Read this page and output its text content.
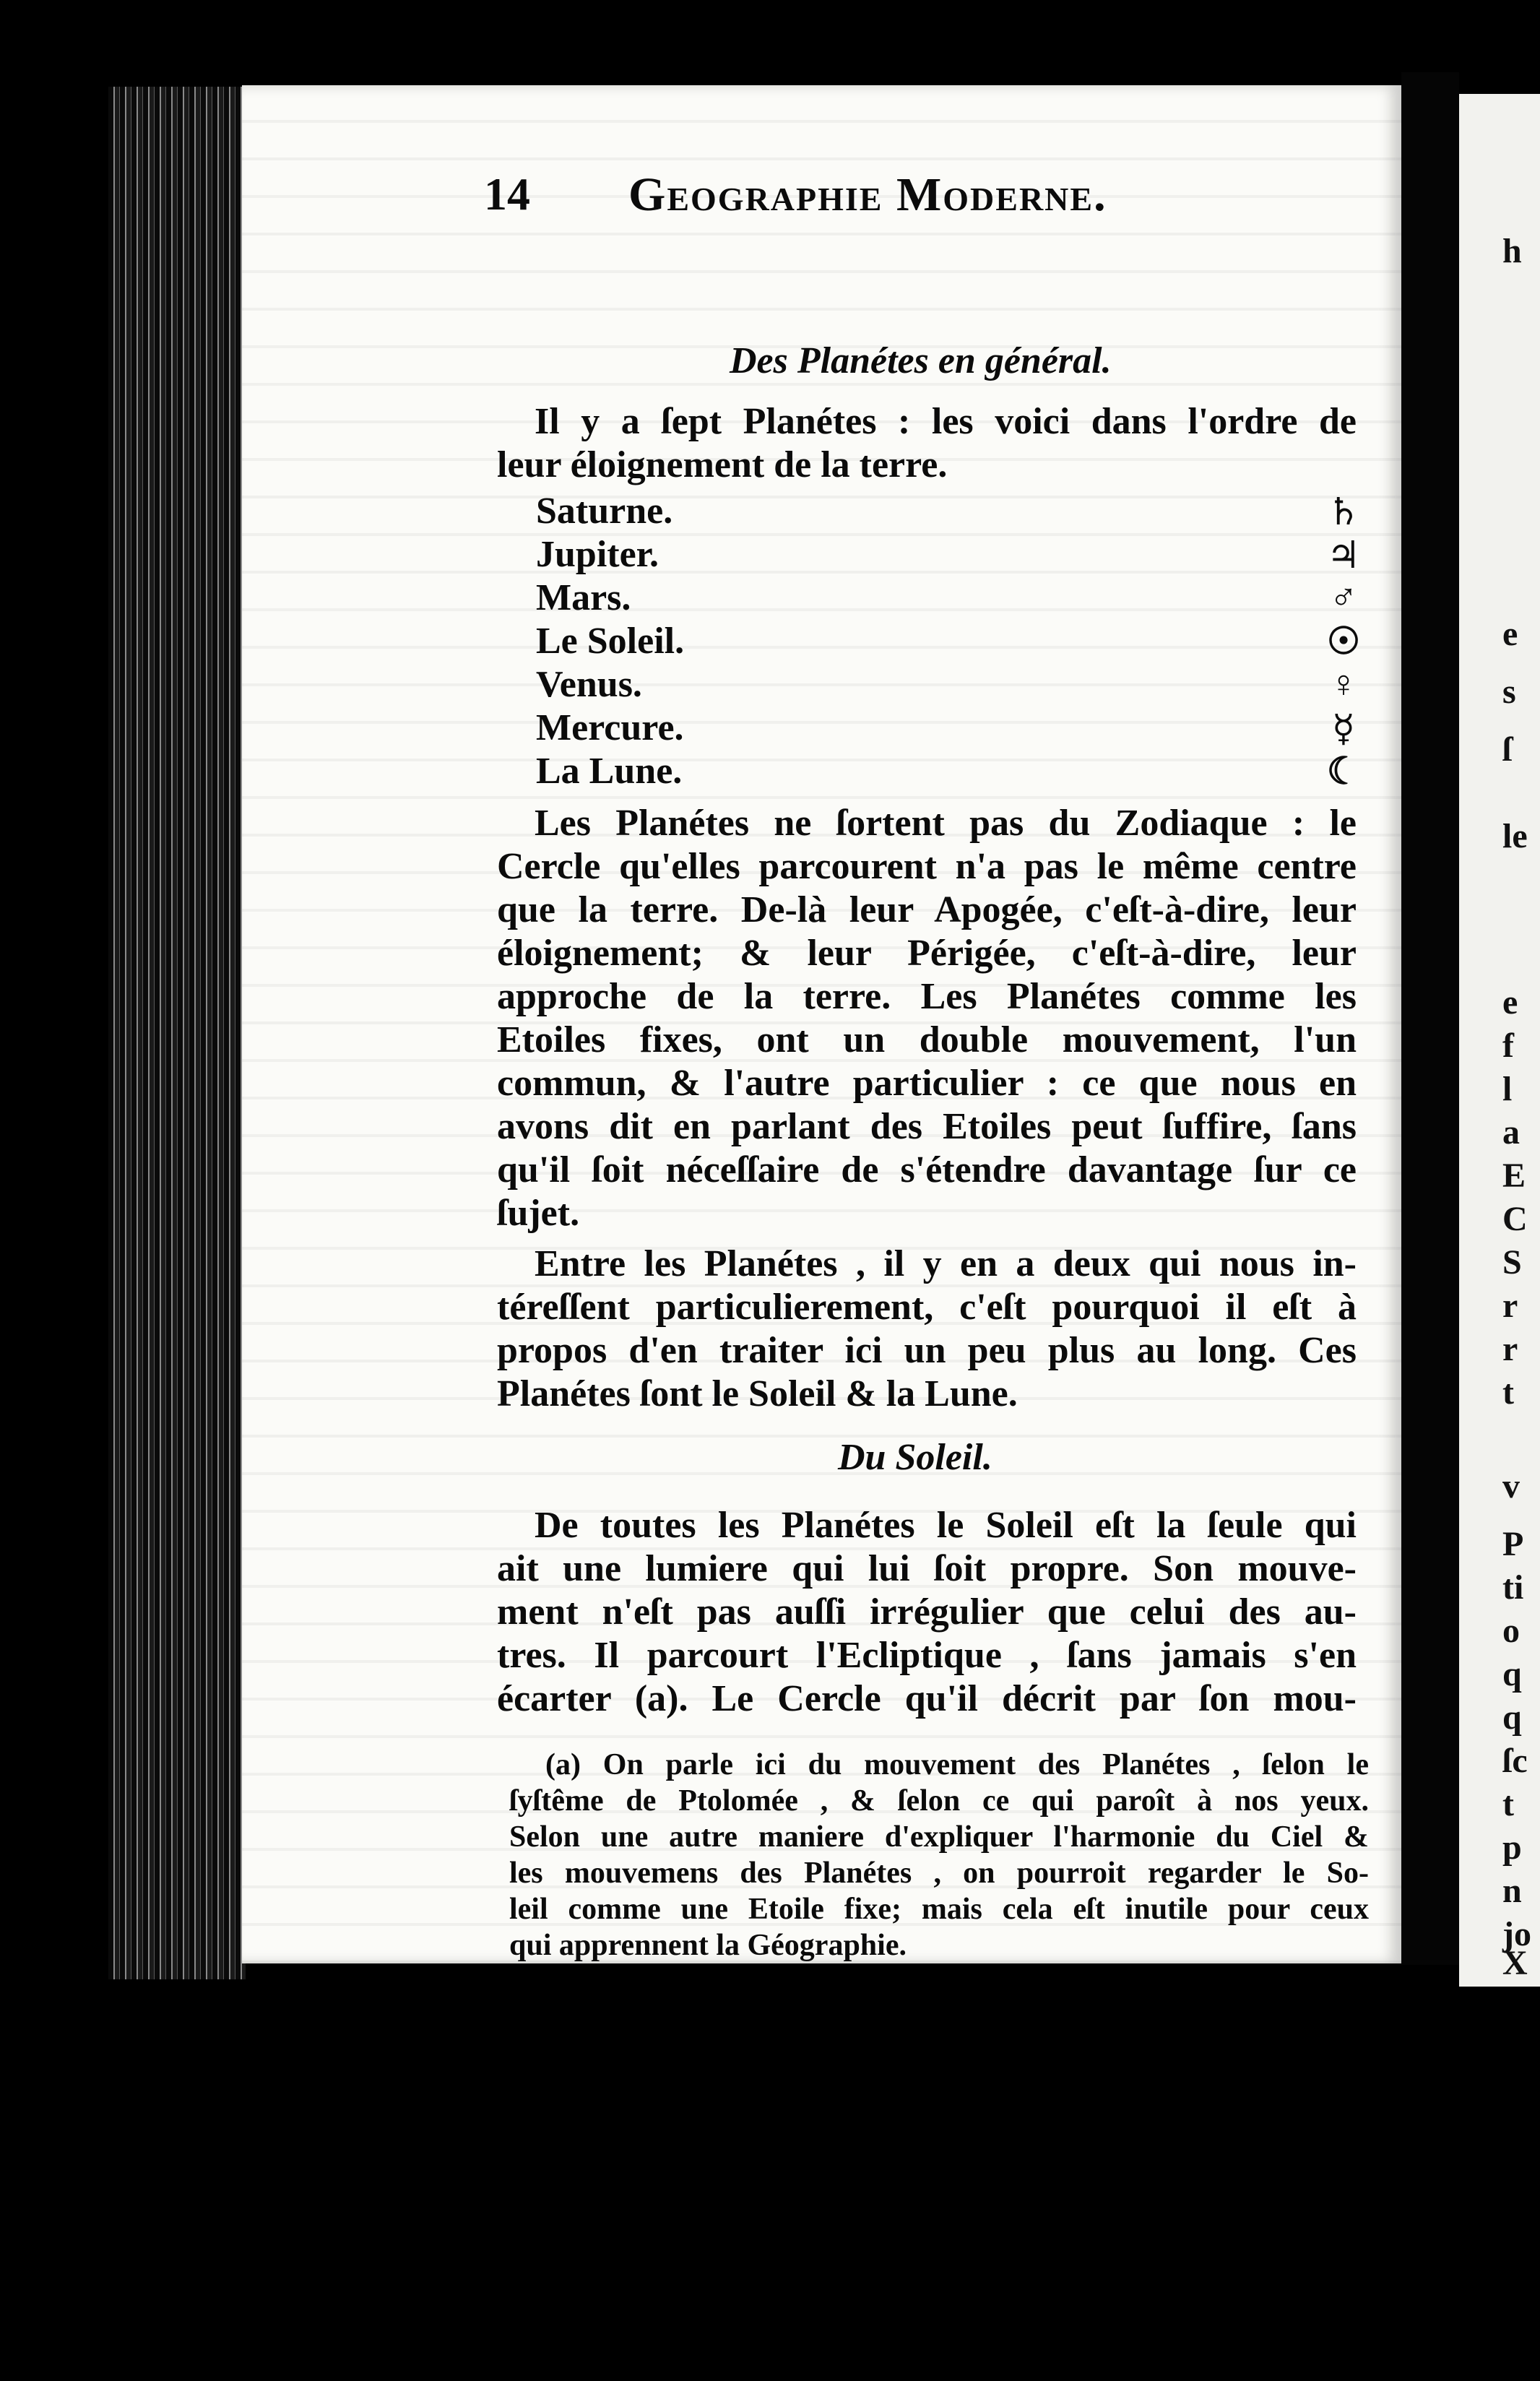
h
e
s
ſ
le
e
f
l
a
E
C
S
r
r
t
v
P
ti
o
q
q
ſc
t
p
n
jo
X
14 Geographie Moderne.
Des Planétes en général.
Il y a ſept Planétes : les voici dans l'ordre de
leur éloignement de la terre.
Saturne.	♄
Jupiter.	♃
Mars.	♂
Le Soleil.	☉
Venus.	♀
Mercure.	☿
La Lune.	☾
Les Planétes ne ſortent pas du Zodiaque : le
Cercle qu'elles parcourent n'a pas le même centre
que la terre. De-là leur Apogée, c'eſt-à-dire, leur
éloignement; & leur Périgée, c'eſt-à-dire, leur
approche de la terre. Les Planétes comme les
Etoiles fixes, ont un double mouvement, l'un
commun, & l'autre particulier : ce que nous en
avons dit en parlant des Etoiles peut ſuffire, ſans
qu'il ſoit néceſſaire de s'étendre davantage ſur ce
ſujet.
Entre les Planétes , il y en a deux qui nous in-
téreſſent particulierement, c'eſt pourquoi il eſt à
propos d'en traiter ici un peu plus au long. Ces
Planétes ſont le Soleil & la Lune.
Du Soleil.
De toutes les Planétes le Soleil eſt la ſeule qui
ait une lumiere qui lui ſoit propre. Son mouve-
ment n'eſt pas auſſi irrégulier que celui des au-
tres. Il parcourt l'Ecliptique , ſans jamais s'en
écarter (a). Le Cercle qu'il décrit par ſon mou-
(a) On parle ici du mouvement des Planétes , ſelon le
ſyſtême de Ptolomée , & ſelon ce qui paroît à nos yeux.
Selon une autre maniere d'expliquer l'harmonie du Ciel &
les mouvemens des Planétes , on pourroit regarder le So-
leil comme une Etoile fixe; mais cela eſt inutile pour ceux
qui apprennent la Géographie.
